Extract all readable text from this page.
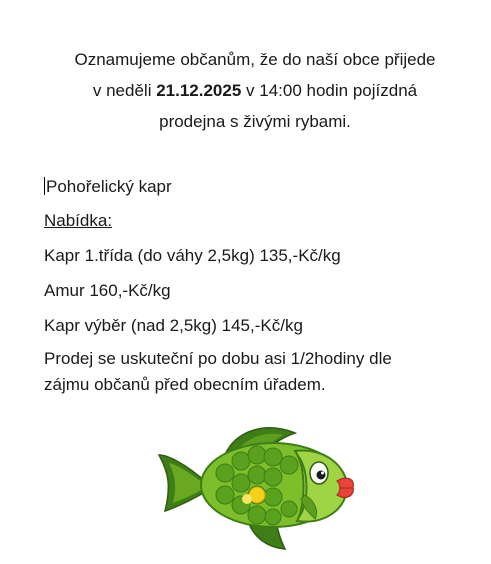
Oznamujeme občanům, že do naší obce přijede
v neděli 21.12.2025 v 14:00 hodin pojízdná
prodejna s živými rybami.
Pohořelický kapr
Nabídka:
Kapr 1.třída (do váhy 2,5kg) 135,-Kč/kg
Amur 160,-Kč/kg
Kapr výběr (nad 2,5kg) 145,-Kč/kg
Prodej se uskuteční po dobu asi 1/2hodiny dle
zájmu občanů před obecním úřadem.
